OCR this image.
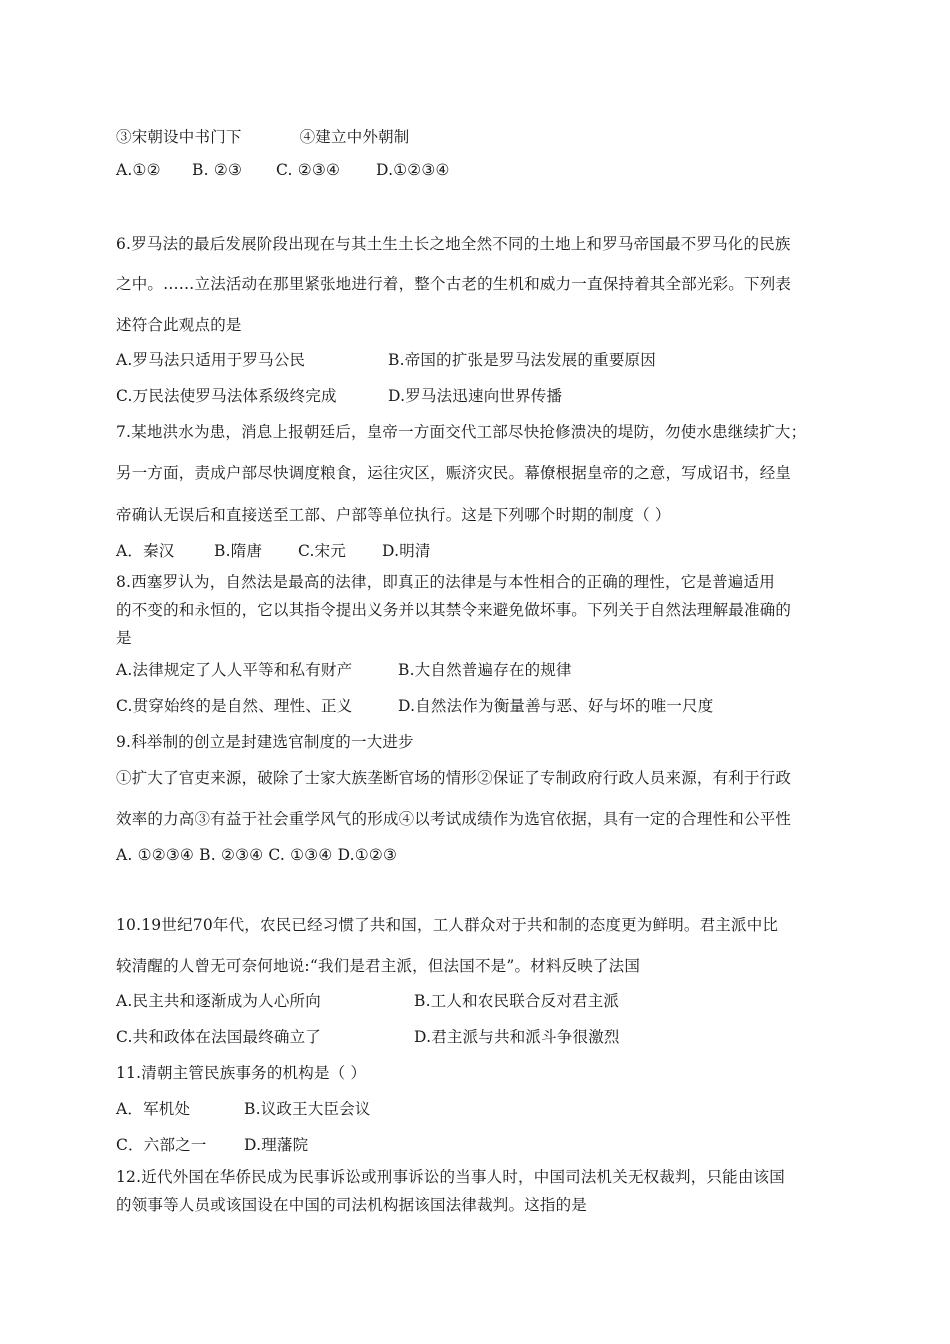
③宋朝设中书门下	④建立中外朝制
A.①② B. ②③ C. ②③④ D.①②③④
6.罗马法的最后发展阶段出现在与其土生土长之地全然不同的土地上和罗马帝国最不罗马化的民族
之中。……立法活动在那里紧张地进行着，整个古老的生机和威力一直保持着其全部光彩。下列表
述符合此观点的是
A.罗马法只适用于罗马公民	B.帝国的扩张是罗马法发展的重要原因
C.万民法使罗马法体系级终完成	D.罗马法迅速向世界传播
7.某地洪水为患，消息上报朝廷后，皇帝一方面交代工部尽快抢修溃决的堤防，勿使水患继续扩大；
另一方面，责成户部尽快调度粮食，运往灾区，赈济灾民。幕僚根据皇帝的之意，写成诏书，经皇
帝确认无误后和直接送至工部、户部等单位执行。这是下列哪个时期的制度（ ）
A．秦汉	B.隋唐 C.宋元 D.明清
8.西塞罗认为，自然法是最高的法律，即真正的法律是与本性相合的正确的理性，它是普遍适用
的不变的和永恒的，它以其指令提出义务并以其禁令来避免做坏事。下列关于自然法理解最准确的
是
A.法律规定了人人平等和私有财产	B.大自然普遍存在的规律
C.贯穿始终的是自然、理性、正义	D.自然法作为衡量善与恶、好与坏的唯一尺度
9.科举制的创立是封建选官制度的一大进步
①扩大了官吏来源，破除了士家大族垄断官场的情形②保证了专制政府行政人员来源，有利于行政
效率的力高③有益于社会重学风气的形成④以考试成绩作为选官依据，具有一定的合理性和公平性
A. ①②③④ B. ②③④ C. ①③④ D.①②③
10.19世纪70年代，农民已经习惯了共和国，工人群众对于共和制的态度更为鲜明。君主派中比
较清醒的人曾无可奈何地说:“我们是君主派，但法国不是”。材料反映了法国
A.民主共和逐渐成为人心所向	B.工人和农民联合反对君主派
C.共和政体在法国最终确立了	D.君主派与共和派斗争很激烈
11.清朝主管民族事务的机构是（ ）
A．军机处	B.议政王大臣会议
C．六部之一 D.理藩院
12.近代外国在华侨民成为民事诉讼或刑事诉讼的当事人时，中国司法机关无权裁判，只能由该国
的领事等人员或该国设在中国的司法机构据该国法律裁判。这指的是
